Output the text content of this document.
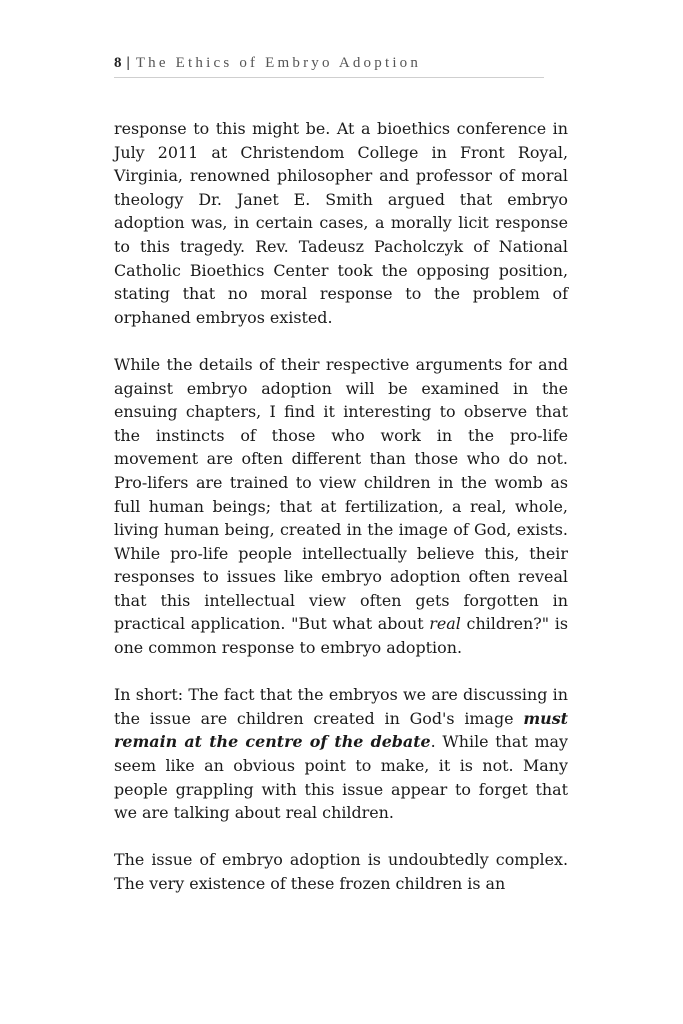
8 | The Ethics of Embryo Adoption

response to this might be. At a bioethics conference in July 2011 at Christendom College in Front Royal, Virginia, renowned philosopher and professor of moral theology Dr. Janet E. Smith argued that embryo adoption was, in certain cases, a morally licit response to this tragedy. Rev. Tadeusz Pacholczyk of National Catholic Bioethics Center took the opposing position, stating that no moral response to the problem of orphaned embryos existed.

While the details of their respective arguments for and against embryo adoption will be examined in the ensuing chapters, I find it interesting to observe that the instincts of those who work in the pro-life movement are often different than those who do not. Pro-lifers are trained to view children in the womb as full human beings; that at fertilization, a real, whole, living human being, created in the image of God, exists. While pro-life people intellectually believe this, their responses to issues like embryo adoption often reveal that this intellectual view often gets forgotten in practical application. "But what about real children?" is one common response to embryo adoption.

In short: The fact that the embryos we are discussing in the issue are children created in God's image must remain at the centre of the debate. While that may seem like an obvious point to make, it is not. Many people grappling with this issue appear to forget that we are talking about real children.

The issue of embryo adoption is undoubtedly complex. The very existence of these frozen children is an
